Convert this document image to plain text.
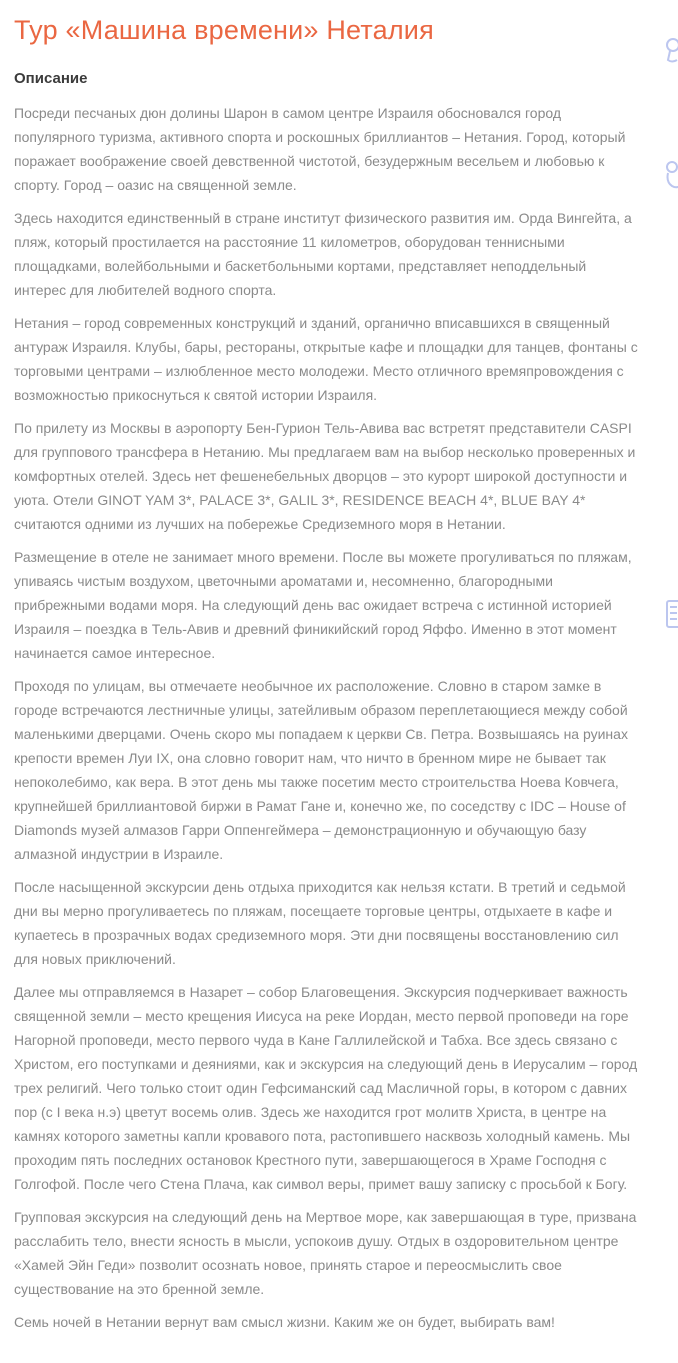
Тур «Машина времени» Неталия
Описание

Посреди песчаных дюн долины Шарон в самом центре Израиля обосновался город популярного туризма, активного спорта и роскошных бриллиантов – Нетания. Город, который поражает воображение своей девственной чистотой, безудержным весельем и любовью к спорту. Город – оазис на священной земле.

Здесь находится единственный в стране институт физического развития им. Орда Вингейта, а пляж, который простилается на расстояние 11 километров, оборудован теннисными площадками, волейбольными и баскетбольными кортами, представляет неподдельный интерес для любителей водного спорта.

Нетания – город современных конструкций и зданий, органично вписавшихся в священный антураж Израиля. Клубы, бары, рестораны, открытые кафе и площадки для танцев, фонтаны с торговыми центрами – излюбленное место молодежи. Место отличного времяпровождения с возможностью прикоснуться к святой истории Израиля.

По прилету из Москвы в аэропорту Бен-Гурион Тель-Авива вас встретят представители CASPI для группового трансфера в Нетанию. Мы предлагаем вам на выбор несколько проверенных и комфортных отелей. Здесь нет фешенебельных дворцов – это курорт широкой доступности и уюта. Отели GINOT YAM 3*, PALACE 3*, GALIL 3*, RESIDENCE BEACH 4*, BLUE BAY 4* считаются одними из лучших на побережье Средиземного моря в Нетании.

Размещение в отеле не занимает много времени. После вы можете прогуливаться по пляжам, упиваясь чистым воздухом, цветочными ароматами и, несомненно, благородными прибрежными водами моря. На следующий день вас ожидает встреча с истинной историей Израиля – поездка в Тель-Авив и древний финикийский город Яффо. Именно в этот момент начинается самое интересное.

Проходя по улицам, вы отмечаете необычное их расположение. Словно в старом замке в городе встречаются лестничные улицы, затейливым образом переплетающиеся между собой маленькими дверцами. Очень скоро мы попадаем к церкви Св. Петра. Возвышаясь на руинах крепости времен Луи IX, она словно говорит нам, что ничто в бренном мире не бывает так непоколебимо, как вера. В этот день мы также посетим место строительства Ноева Ковчега, крупнейшей бриллиантовой биржи в Рамат Гане и, конечно же, по соседству с IDC – House of Diamonds музей алмазов Гарри Оппенгеймера – демонстрационную и обучающую базу алмазной индустрии в Израиле.

После насыщенной экскурсии день отдыха приходится как нельзя кстати. В третий и седьмой дни вы мерно прогуливаетесь по пляжам, посещаете торговые центры, отдыхаете в кафе и купаетесь в прозрачных водах средиземного моря. Эти дни посвящены восстановлению сил для новых приключений.

Далее мы отправляемся в Назарет – собор Благовещения. Экскурсия подчеркивает важность священной земли – место крещения Иисуса на реке Иордан, место первой проповеди на горе Нагорной проповеди, место первого чуда в Кане Галлилейской и Табха. Все здесь связано с Христом, его поступками и деяниями, как и экскурсия на следующий день в Иерусалим – город трех религий. Чего только стоит один Гефсиманский сад Масличной горы, в котором с давних пор (с I века н.э) цветут восемь олив. Здесь же находится грот молитв Христа, в центре на камнях которого заметны капли кровавого пота, растопившего насквозь холодный камень. Мы проходим пять последних остановок Крестного пути, завершающегося в Храме Господня с Голгофой. После чего Стена Плача, как символ веры, примет вашу записку с просьбой к Богу.

Групповая экскурсия на следующий день на Мертвое море, как завершающая в туре, призвана расслабить тело, внести ясность в мысли, успокоив душу. Отдых в оздоровительном центре «Хамей Эйн Геди» позволит осознать новое, принять старое и переосмыслить свое существование на это бренной земле.

Семь ночей в Нетании вернут вам смысл жизни. Каким же он будет, выбирать вам!
